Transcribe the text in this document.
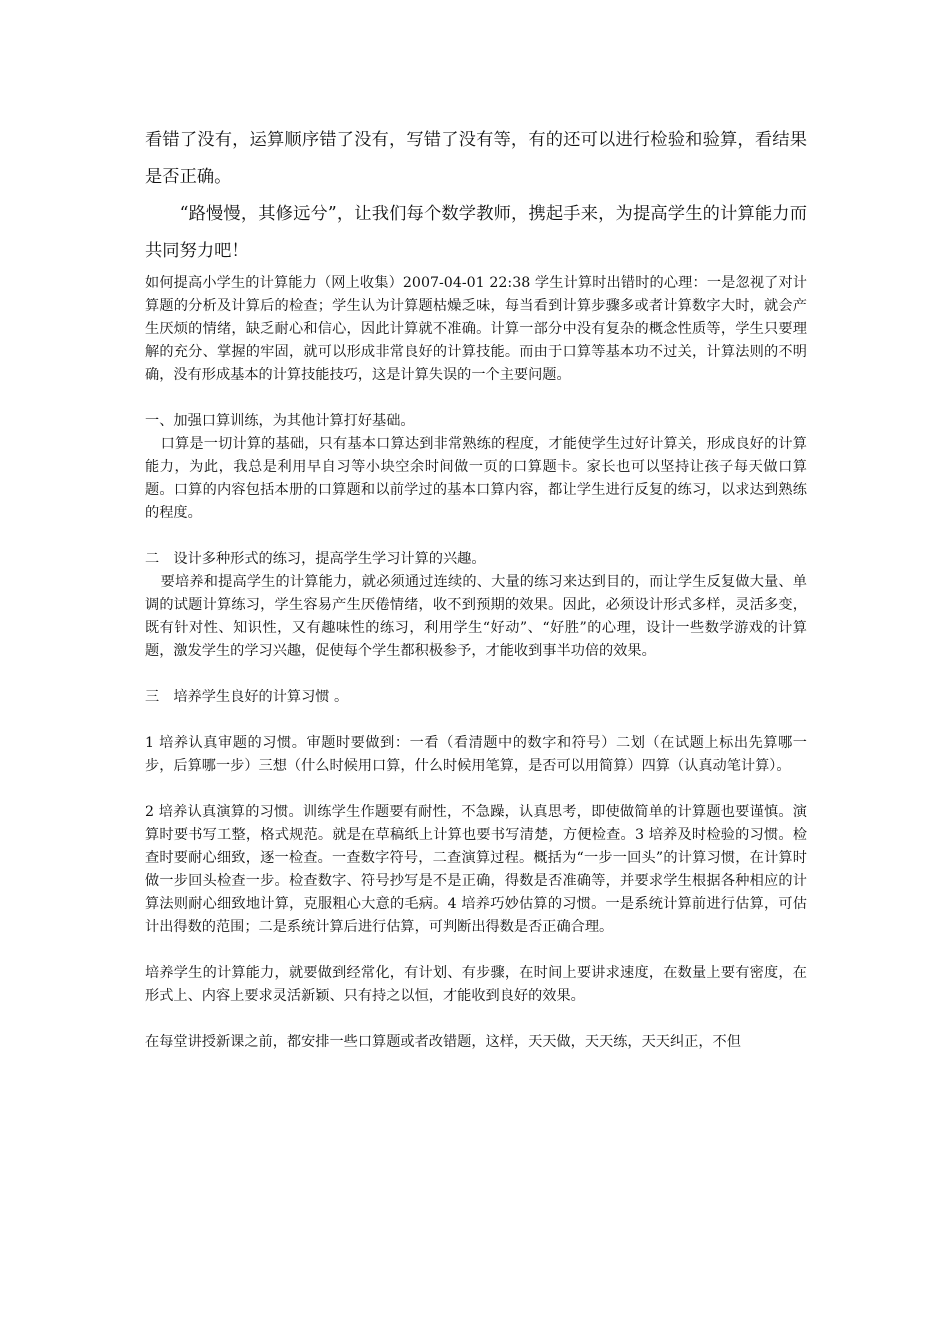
看错了没有，运算顺序错了没有，写错了没有等，有的还可以进行检验和验算，看结果是否正确。

“路慢慢，其修远兮”，让我们每个数学教师，携起手来，为提高学生的计算能力而共同努力吧！

如何提高小学生的计算能力（网上收集）2007-04-01 22:38 学生计算时出错时的心理：一是忽视了对计算题的分析及计算后的检查；学生认为计算题枯燥乏味，每当看到计算步骤多或者计算数字大时，就会产生厌烦的情绪，缺乏耐心和信心，因此计算就不准确。计算一部分中没有复杂的概念性质等，学生只要理解的充分、掌握的牢固，就可以形成非常良好的计算技能。而由于口算等基本功不过关，计算法则的不明确，没有形成基本的计算技能技巧，这是计算失误的一个主要问题。

一、加强口算训练，为其他计算打好基础。

口算是一切计算的基础，只有基本口算达到非常熟练的程度，才能使学生过好计算关，形成良好的计算能力，为此，我总是利用早自习等小块空余时间做一页的口算题卡。家长也可以坚持让孩子每天做口算题。口算的内容包括本册的口算题和以前学过的基本口算内容，都让学生进行反复的练习，以求达到熟练的程度。

二　设计多种形式的练习，提高学生学习计算的兴趣。

要培养和提高学生的计算能力，就必须通过连续的、大量的练习来达到目的，而让学生反复做大量、单调的试题计算练习，学生容易产生厌倦情绪，收不到预期的效果。因此，必须设计形式多样，灵活多变，既有针对性、知识性，又有趣味性的练习，利用学生“好动”、“好胜”的心理，设计一些数学游戏的计算题，激发学生的学习兴趣，促使每个学生都积极参予，才能收到事半功倍的效果。

三　培养学生良好的计算习惯 。

1 培养认真审题的习惯。审题时要做到：一看（看清题中的数字和符号）二划（在试题上标出先算哪一步，后算哪一步）三想（什么时候用口算，什么时候用笔算，是否可以用简算）四算（认真动笔计算）。

2 培养认真演算的习惯。训练学生作题要有耐性，不急躁，认真思考，即使做简单的计算题也要谨慎。演算时要书写工整，格式规范。就是在草稿纸上计算也要书写清楚，方便检查。3 培养及时检验的习惯。检查时要耐心细致，逐一检查。一查数字符号，二查演算过程。概括为“一步一回头”的计算习惯，在计算时做一步回头检查一步。检查数字、符号抄写是不是正确，得数是否准确等，并要求学生根据各种相应的计算法则耐心细致地计算，克服粗心大意的毛病。4 培养巧妙估算的习惯。一是系统计算前进行估算，可估计出得数的范围；二是系统计算后进行估算，可判断出得数是否正确合理。

培养学生的计算能力，就要做到经常化，有计划、有步骤，在时间上要讲求速度，在数量上要有密度，在形式上、内容上要求灵活新颖、只有持之以恒，才能收到良好的效果。

在每堂讲授新课之前，都安排一些口算题或者改错题，这样，天天做，天天练，天天纠正，不但
